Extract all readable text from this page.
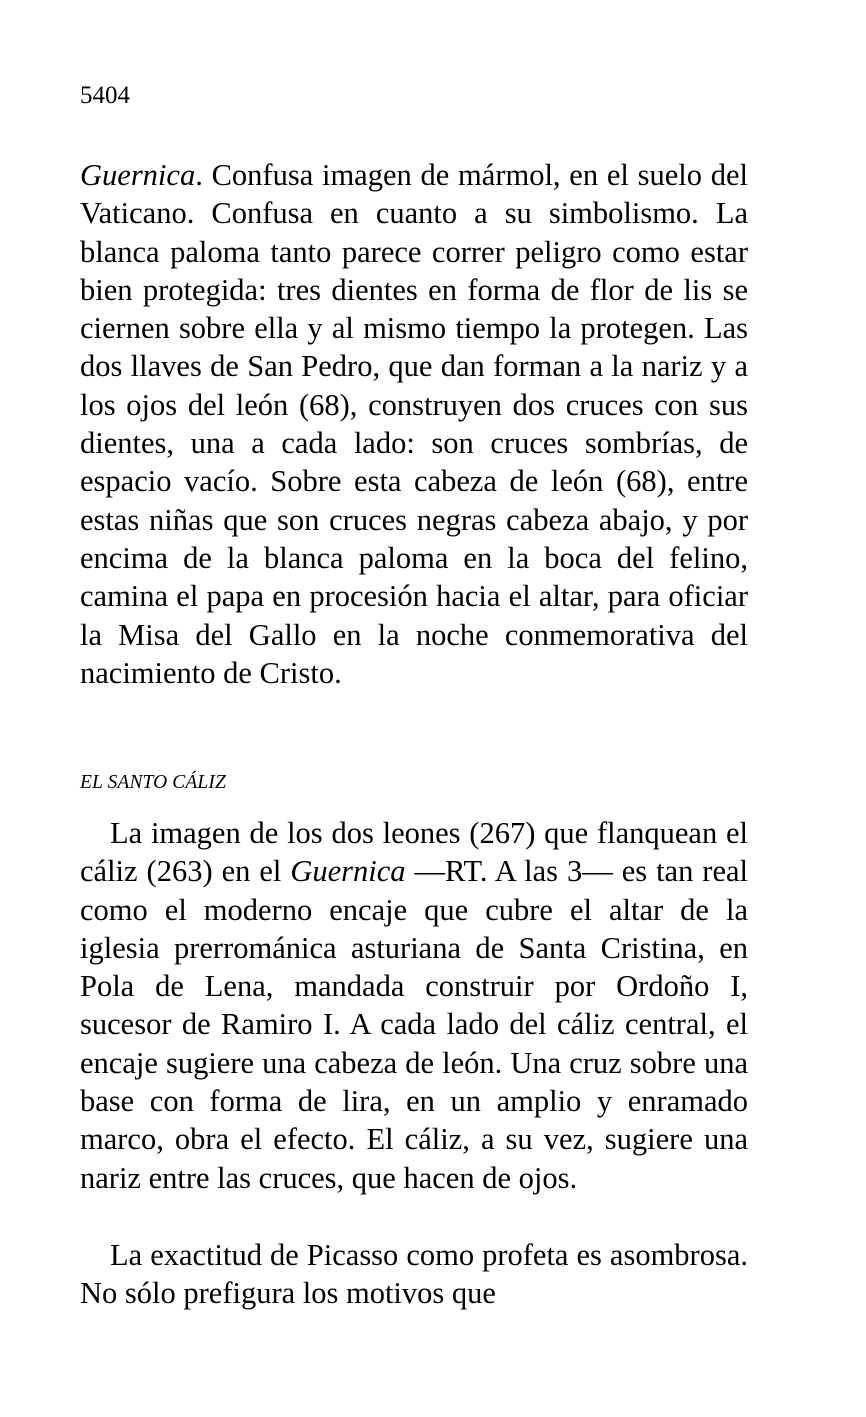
5404

Guernica. Confusa imagen de mármol, en el suelo del Vaticano. Confusa en cuanto a su simbolismo. La blanca paloma tanto parece correr peligro como estar bien protegida: tres dientes en forma de flor de lis se ciernen sobre ella y al mismo tiempo la protegen. Las dos llaves de San Pedro, que dan forman a la nariz y a los ojos del león (68), construyen dos cruces con sus dientes, una a cada lado: son cruces sombrías, de espacio vacío. Sobre esta cabeza de león (68), entre estas niñas que son cruces negras cabeza abajo, y por encima de la blanca paloma en la boca del felino, camina el papa en procesión hacia el altar, para oficiar la Misa del Gallo en la noche conmemorativa del nacimiento de Cristo.

EL SANTO CÁLIZ

La imagen de los dos leones (267) que flanquean el cáliz (263) en el Guernica —RT. A las 3— es tan real como el moderno encaje que cubre el altar de la iglesia prerrománica asturiana de Santa Cristina, en Pola de Lena, mandada construir por Ordoño I, sucesor de Ramiro I. A cada lado del cáliz central, el encaje sugiere una cabeza de león. Una cruz sobre una base con forma de lira, en un amplio y enramado marco, obra el efecto. El cáliz, a su vez, sugiere una nariz entre las cruces, que hacen de ojos.

La exactitud de Picasso como profeta es asombrosa. No sólo prefigura los motivos que
